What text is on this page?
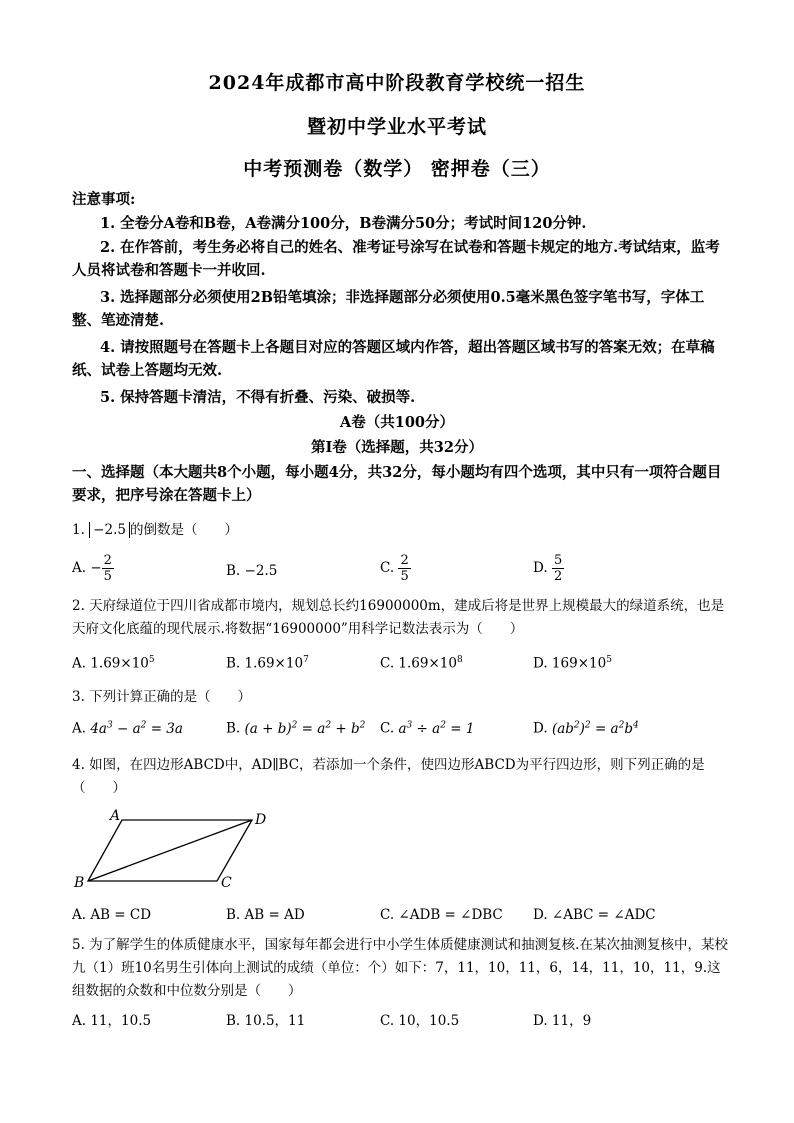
2024年成都市高中阶段教育学校统一招生
暨初中学业水平考试
中考预测卷（数学） 密押卷（三）
注意事项:
1. 全卷分A卷和B卷，A卷满分100分，B卷满分50分；考试时间120分钟.
2. 在作答前，考生务必将自己的姓名、准考证号涂写在试卷和答题卡规定的地方.考试结束，监考人员将试卷和答题卡一并收回.
3. 选择题部分必须使用2B铅笔填涂；非选择题部分必须使用0.5毫米黑色签字笔书写，字体工整、笔迹清楚.
4. 请按照题号在答题卡上各题目对应的答题区域内作答，超出答题区域书写的答案无效；在草稿纸、试卷上答题均无效.
5. 保持答题卡清洁，不得有折叠、污染、破损等.
A卷（共100分）
第Ⅰ卷（选择题，共32分）
一、选择题（本大题共8个小题，每小题4分，共32分，每小题均有四个选项，其中只有一项符合题目要求，把序号涂在答题卡上）
1. −2.5 的倒数是（　　）
A. − $\frac{2}{5}$	B. −2.5	C. $\frac{2}{5}$	D. $\frac{5}{2}$
2. 天府绿道位于四川省成都市境内，规划总长约16900000m，建成后将是世界上规模最大的绿道系统，也是天府文化底蕴的现代展示.将数据“16900000”用科学记数法表示为（　　）
A. $1.69\times 10^5$	B. $1.69\times 10^7$	C. $1.69\times 10^8$	D. $169\times 10^5$
3. 下列计算正确的是（　　）
A. $4a^3 - a^2 = 3a$	B. $(a + b)^2 = a^2 + b^2$ C. $a^3 \div a^2 = 1$	D. $(ab^2)^2 = a^2b^4$
4. 如图，在四边形ABCD中，AD∥BC，若添加一个条件，使四边形ABCD为平行四边形，则下列正确的是（　　）
A	D
B	C
A. AB = CD	B. AB = AD	C. ∠ADB = ∠DBC D. ∠ABC = ∠ADC
5. 为了解学生的体质健康水平，国家每年都会进行中小学生体质健康测试和抽测复核.在某次抽测复核中，某校九（1）班10名男生引体向上测试的成绩（单位：个）如下：7，11，10，11，6，14，11，10，11，9.这组数据的众数和中位数分别是（　　）
A. 11，10.5	B. 10.5，11	C. 10，10.5	D. 11，9
